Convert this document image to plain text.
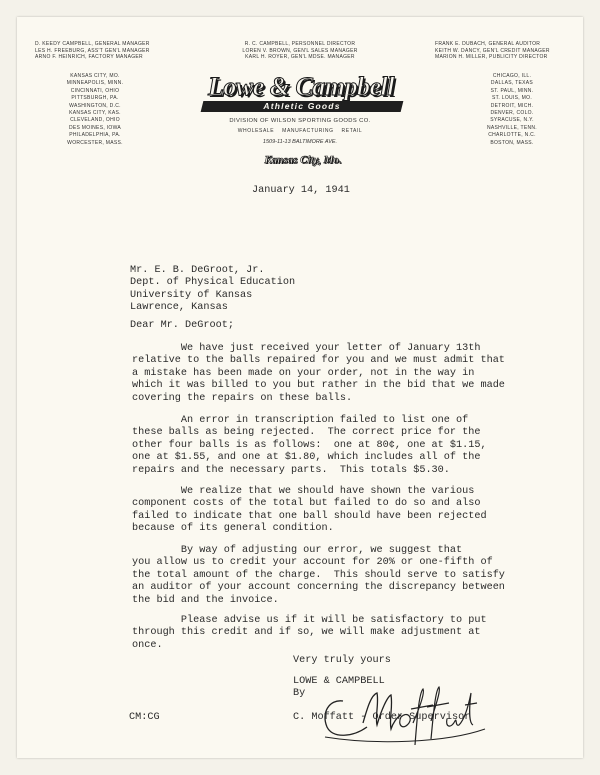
D. KEEDY CAMPBELL, GENERAL MANAGER
LES H. FREEBURG, ASS'T GEN'L MANAGER
ARNO F. HEINRICH, FACTORY MANAGER
R. C. CAMPBELL, PERSONNEL DIRECTOR
LOREN V. BROWN, GEN'L SALES MANAGER
KARL H. ROYER, GEN'L MDSE. MANAGER
FRANK E. DUBACH, GENERAL AUDITOR
KEITH W. DANCY, GEN'L CREDIT MANAGER
MARION H. MILLER, PUBLICITY DIRECTOR
KANSAS CITY, MO.
MINNEAPOLIS, MINN.
CINCINNATI, OHIO
PITTSBURGH, PA.
WASHINGTON, D.C.
KANSAS CITY, KAS.
CLEVELAND, OHIO
DES MOINES, IOWA
PHILADELPHIA, PA.
WORCESTER, MASS.
CHICAGO, ILL.
DALLAS, TEXAS
ST. PAUL, MINN.
ST. LOUIS, MO.
DETROIT, MICH.
DENVER, COLO.
SYRACUSE, N.Y.
NASHVILLE, TENN.
CHARLOTTE, N.C.
BOSTON, MASS.
Lowe & Campbell
Athletic Goods
DIVISION OF WILSON SPORTING GOODS CO.
WHOLESALE    MANUFACTURING    RETAIL
1509-11-13 BALTIMORE AVE.
Kansas City, Mo.
January 14, 1941
Mr. E. B. DeGroot, Jr.
Dept. of Physical Education
University of Kansas
Lawrence, Kansas
Dear Mr. DeGroot;
We have just received your letter of January 13th
relative to the balls repaired for you and we must admit that
a mistake has been made on your order, not in the way in
which it was billed to you but rather in the bid that we made
covering the repairs on these balls.
An error in transcription failed to list one of
these balls as being rejected.  The correct price for the
other four balls is as follows:  one at 80¢, one at $1.15,
one at $1.55, and one at $1.80, which includes all of the
repairs and the necessary parts.  This totals $5.30.
We realize that we should have shown the various
component costs of the total but failed to do so and also
failed to indicate that one ball should have been rejected
because of its general condition.
By way of adjusting our error, we suggest that
you allow us to credit your account for 20% or one-fifth of
the total amount of the charge.  This should serve to satisfy
an auditor of your account concerning the discrepancy between
the bid and the invoice.
Please advise us if it will be satisfactory to put
through this credit and if so, we will make adjustment at
once.
Very truly yours
LOWE & CAMPBELL
By
C. Moffatt - Order Supervisor
CM:CG
